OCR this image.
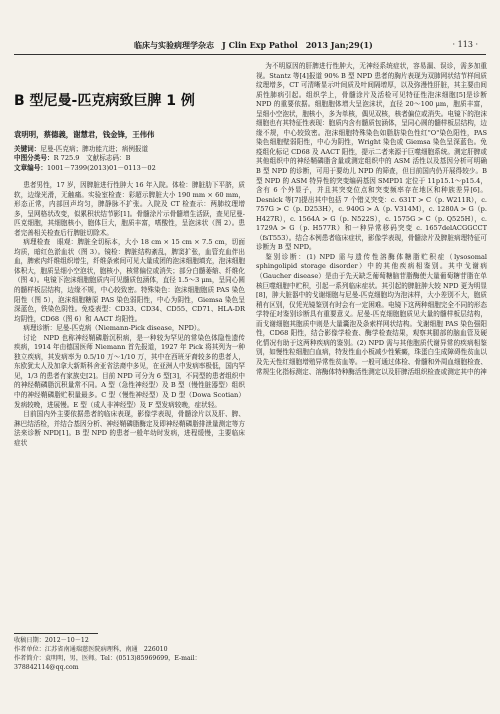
临床与实验病理学杂志　J Clin Exp Pathol　2013 Jan;29(1)	· 113 ·
B 型尼曼-匹克病致巨脾 1 例
袁明明，蔡德義，谢慧君，钱金锋，王伟伟

关键词：尼曼-匹克病；脾功能亢进；病例报道

中图分类号：R 725.9　文献标志码：B

文章编号：1001－7399(2013)01－0113－02

患者男性，17 岁，因脾脏进行性肿大 16 年入院。体检：脾脏肋下平脐，质软，边缘光滑，无触痛。实验室检查：彩超示脾脏大小 190 mm × 60 mm，形态正常，内部回声均匀，脾静脉不扩张。入院及 CT 检查示：两肺纹理增多，呈网格状改变，似累积状结节影[1]。骨髓涂片示骨髓增生活跃，查见尼曼-匹克细胞，其细胞核小，胞体巨大，胞质丰富，嗜酸性，呈泡沫状（图 2）。患者完善相关检查后行脾脏切除术。

病理检查　眼观：脾脏全切标本，大小 18 cm × 15 cm × 7.5 cm，切面均质，暗红色淤血状（图 3）。镜检：脾脏结构紊乱，脾窦扩张，血管充血伴出血，脾索内纤维组织增生，纤维条索间可见大量成团的泡沫细胞填充，泡沫细胞体积大，胞质呈细小空泡状，胞核小，核常偏位或消失；部分白髓萎缩、纤维化（图 4）。电镜下泡沫细胞胞质内可见髓质包涵体，直径 1.5～3 μm，呈同心圆的髓样板层结构，边缘不规，中心较致密。特殊染色：泡沫细胞胞质 PAS 染色阳性（图 5），泡沫细胞糖原 PAS 染色弱阳性，中心为阴性，Giemsa 染色呈深蓝色，铁染色阴性。免疫表型：CD33、CD34、CD55、CD71、HLA-DR 均阴性，CD68（图 6）和 AACT 均阳性。

病理诊断：尼曼-匹克病（Niemann-Pick disease，NPD）。

讨论　NPD 也称神经鞘磷脂沉积病，是一种较为罕见的常染色体隐性遗传疾病，1914 年由德国医师 Niemann 首先报道，1927 年 Pick 将其列为一种独立疾病，其发病率为 0.5/10 万～1/10 万，其中在西班牙裔较多的患者人，东欧犹太人及加拿大新斯科舍亚省法裔中多见，在亚洲人中发病率极低，国内罕见，1/3 的患者有家族史[2]。目前 NPD 可分为 6 型[3]，不同型的患者组织中的神经鞘磷脂沉积量常不同。A 型（急性神经型）及 B 型（慢性脏器型）组织中的神经鞘磷脂贮积量最多。C 型（慢性神经型）及 D 型（Dowa Scotian）发病较晚，进展慢。E 型（成人非神经型）及 F 型发病较晚，症状轻。

目前国内外主要依据患者的临床表现，影像学表现，骨髓涂片以及肝、脾、淋巴结活检，并结合基因分析、神经鞘磷脂酶定及即神经鞘磷脂排泄量测定等方法来诊断 NPD[1]。B 型 NPD 的患者一般年幼时发病，进程缓慢，主要临床症状

收稿日期：2012－10－12

作者单位：江苏省南通瑞慈医院病理科，南通　226010

作者简介：袁明明，男，医师。Tel：(0513)85969699，E-mail：378842114@qq.com

为不明原因的肝脾进行性肿大，无神经系统症状，容易漏、误诊，需多加重视。Stantz 等[4]报道 90% B 型 NPD 患者的胸片表现为双肺网状结节样间质纹理增多，CT 可清晰显示叶间质及叶间隔增厚，以及弥漫性肝脏，其主要由间质性肺病引起。组织学上，骨髓涂片及活检可见特征性泡沫细胞[5]是诊断 NPD 的重要依据。细胞胞体增大呈泡沫状，直径 20～100 μm，胞质丰富，呈细小空泡状，胞核小，多为单核，偶见双核，核者偏位或消失。电镜下的泡沫细胞也有其特征性表现：胞质内含有髓质包涵体，呈同心圆的髓样板层结构，边缘不规，中心较致密。泡沫细胞特殊染色如脂肪染色性红"O"染色阳性，PAS 染色细胞壁弱阳性，中心为阴性，Wright 染色或 Giemsa 染色呈深蓝色。免疫组化标记 CD68 及 AACT 阳性，提示二者来源于巨噬细胞系统。测定肝脾或其他组织中的神经鞘磷脂含量或测定组织中的 ASM 活性以及基因分析可明确 B 型 NPD 的诊断，可用于要幼儿 NPD 的筛查，但目前国内仍开展得较少。B 型 NPD 的 ASM 特异性的突变编码基因 SMPD1 定位于 11p15.1～p15.4，含有 6 个外显子，并且其突变位点和突变频率存在地区和种族差异[6]。Desnick 等[7]提出其中包括 7 个错义突变：c. 631T > C（p. W211R），c. 757G > C（p. D253H），c. 940G > A（p. V314M），c. 1280A > G（p. H427R），c. 1564A > G（p. N522S），c. 1575G > C（p. Q525H），c. 1729A > G（p. H577R）和一种异常移码突变 c. 1657delACGGCCT（fsT553）。结合本例患者临床症状，影像学表现，骨髓涂片及脾脏病理特征可诊断为 B 型 NPD。

鉴别诊断：(1) NPD 需与遗传性溶酶体糖脂贮积症（lysosomal sphingolipid storage disorder）中的其他疾病相鉴别。其中戈谢病（Gaucher disease）是由于先天缺乏葡萄糖脑苷脂酶使大量葡萄糖苷脂在单核巨噬细胞中贮积，引起一系列临床症状。其引起的脾脏肿大较 NPD 更为明显[8]，肿大脏器中的戈谢细胞与尼曼-匹克细胞均为泡沫样，大小差别不大，胞质稍有区别，仅凭光镜鉴别有时会有一定困难。电镜下这两种细胞完全不同的形态学特征对鉴别诊断具有重要意义。尼曼-匹克细胞胞质见大量的髓样板层结构，而戈谢细胞其胞质中则是大量囊泡及条索样网状结构。戈谢细胞 PAS 染色强阳性，CD68 阳性，结合影像学检查、酶学检查结果，观察其腿部的脑血管及硬化情况有助于这两种疾病的鉴别。(2) NPD 需与其他胞质代谢异常的疾病相鉴别，如慢性粒细胞白血病，特发性血小板减少性紫癜，珠蛋白生成障碍性贫血以及先天性红细胞增殖异常性贫血等。一般可通过体检、骨髓和外周血细胞检查、常规生化指标测定、溶酶体特种酶活性测定以及肝脾活组织检查或测定其中的神
